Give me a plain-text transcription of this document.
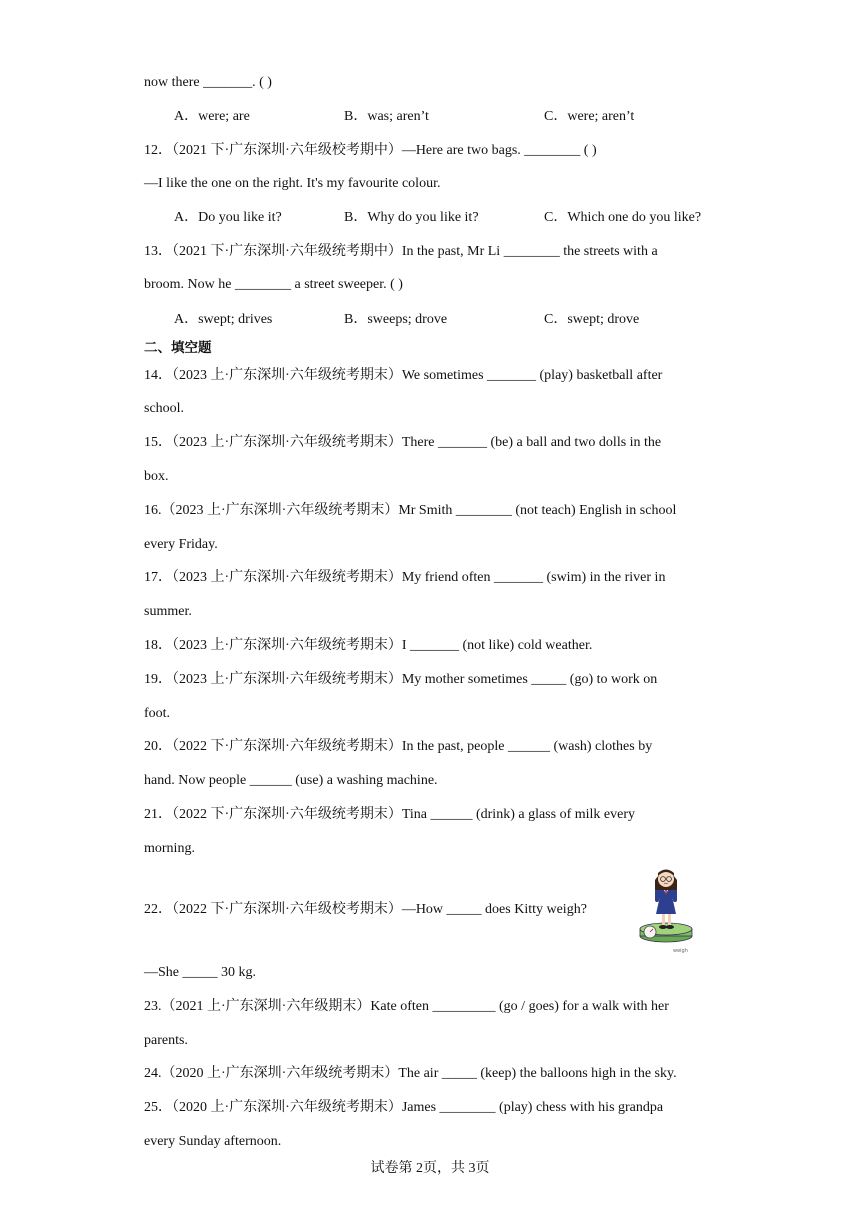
now there _______. ( )
12．（2021 下·广东深圳·六年级校考期中）—Here are two bags. ________ ( )
—I like the one on the right. It's my favourite colour.
13．（2021 下·广东深圳·六年级统考期中）In the past, Mr Li ________ the streets with a
broom. Now he ________ a street sweeper. ( )
14．（2023 上·广东深圳·六年级统考期末）We sometimes _______ (play) basketball after
school.
15．（2023 上·广东深圳·六年级统考期末）There _______ (be) a ball and two dolls in the
box.
16.（2023 上·广东深圳·六年级统考期末）Mr Smith ________ (not teach) English in school
every Friday.
17．（2023 上·广东深圳·六年级统考期末）My friend often _______ (swim) in the river in
summer.
18．（2023 上·广东深圳·六年级统考期末）I _______ (not like) cold weather.
19．（2023 上·广东深圳·六年级统考期末）My mother sometimes _____ (go) to work on
foot.
20．（2022 下·广东深圳·六年级统考期末）In the past, people ______ (wash) clothes by
hand. Now people ______ (use) a washing machine.
21．（2022 下·广东深圳·六年级统考期末）Tina ______ (drink) a glass of milk every
morning.
22．（2022 下·广东深圳·六年级校考期末）—How _____ does Kitty weigh?
—She _____ 30 kg.
23.（2021 上·广东深圳·六年级期末）Kate often _________ (go / goes) for a walk with her
parents.
24.（2020 上·广东深圳·六年级统考期末）The air _____ (keep) the balloons high in the sky.
25．（2020 上·广东深圳·六年级统考期末）James ________ (play) chess with his grandpa
every Sunday afternoon.
A．were; are	B．was; aren’t	C．were; aren’t
A．Do you like it?	B．Why do you like it?	C．Which one do you like?
A．swept; drives	B．sweeps; drove	C．swept; drove
二、填空题
weigh
试卷第 2页，共 3页
